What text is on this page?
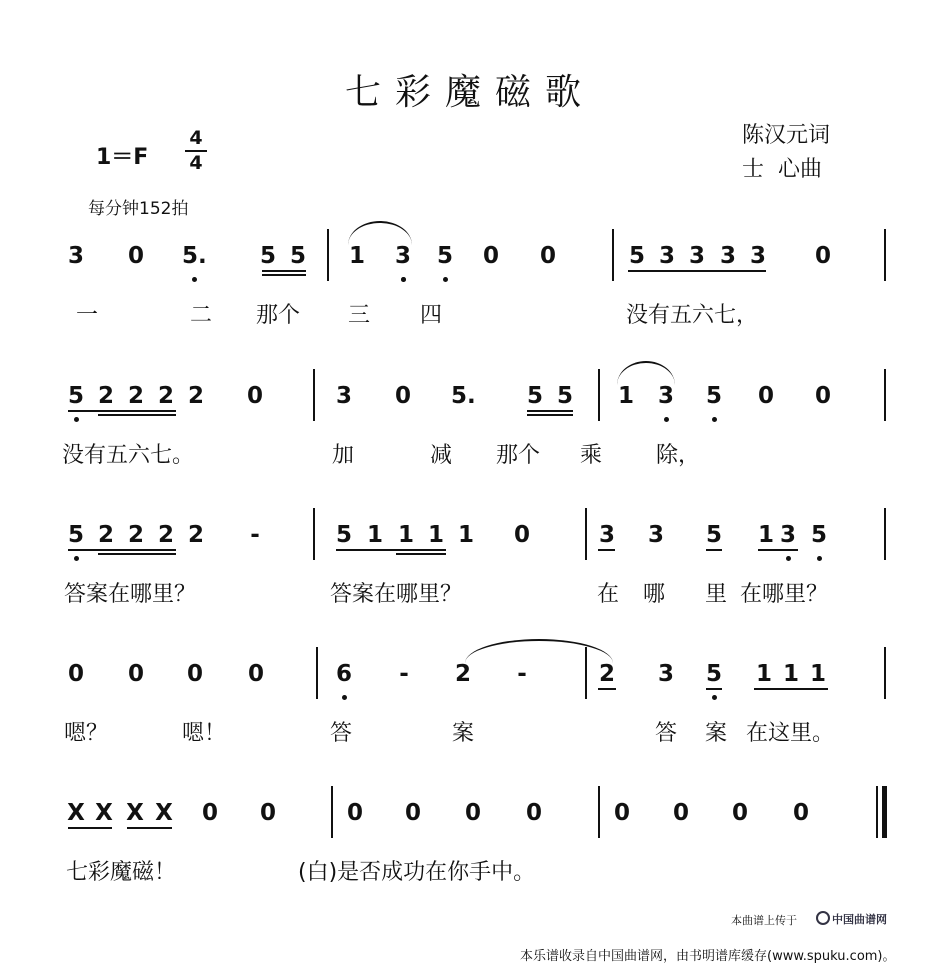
七彩魔磁歌
1＝F
4
4
每分钟152拍
陈汉元词
士  心曲
3 0 5. 5 5 1 3 5 0 0	5 3 3 3 3 0
一	二 那个 三 四	没有五六七，
5 2 2 2 2 0	3 0 5. 5 5 1 3 5 0 0
没有五六七。	加	减 那个 乘 除，
5 2 2 2 2	-	5 1 1 1 1 0	3 3 5 1 3 5
答案在哪里？	答案在哪里？	在 哪 里 在哪里？
0 0 0 0	6	-	2	-	2 3 5 1 1 1
嗯？	嗯！	答	案	答 案 在这里。
X X X X 0 0	0 0 0 0	0 0 0 0
七彩魔磁！	(白)是否成功在你手中。
本曲谱上传于	中国曲谱网
本乐谱收录自中国曲谱网，由书明谱库缓存(www.spuku.com)。
